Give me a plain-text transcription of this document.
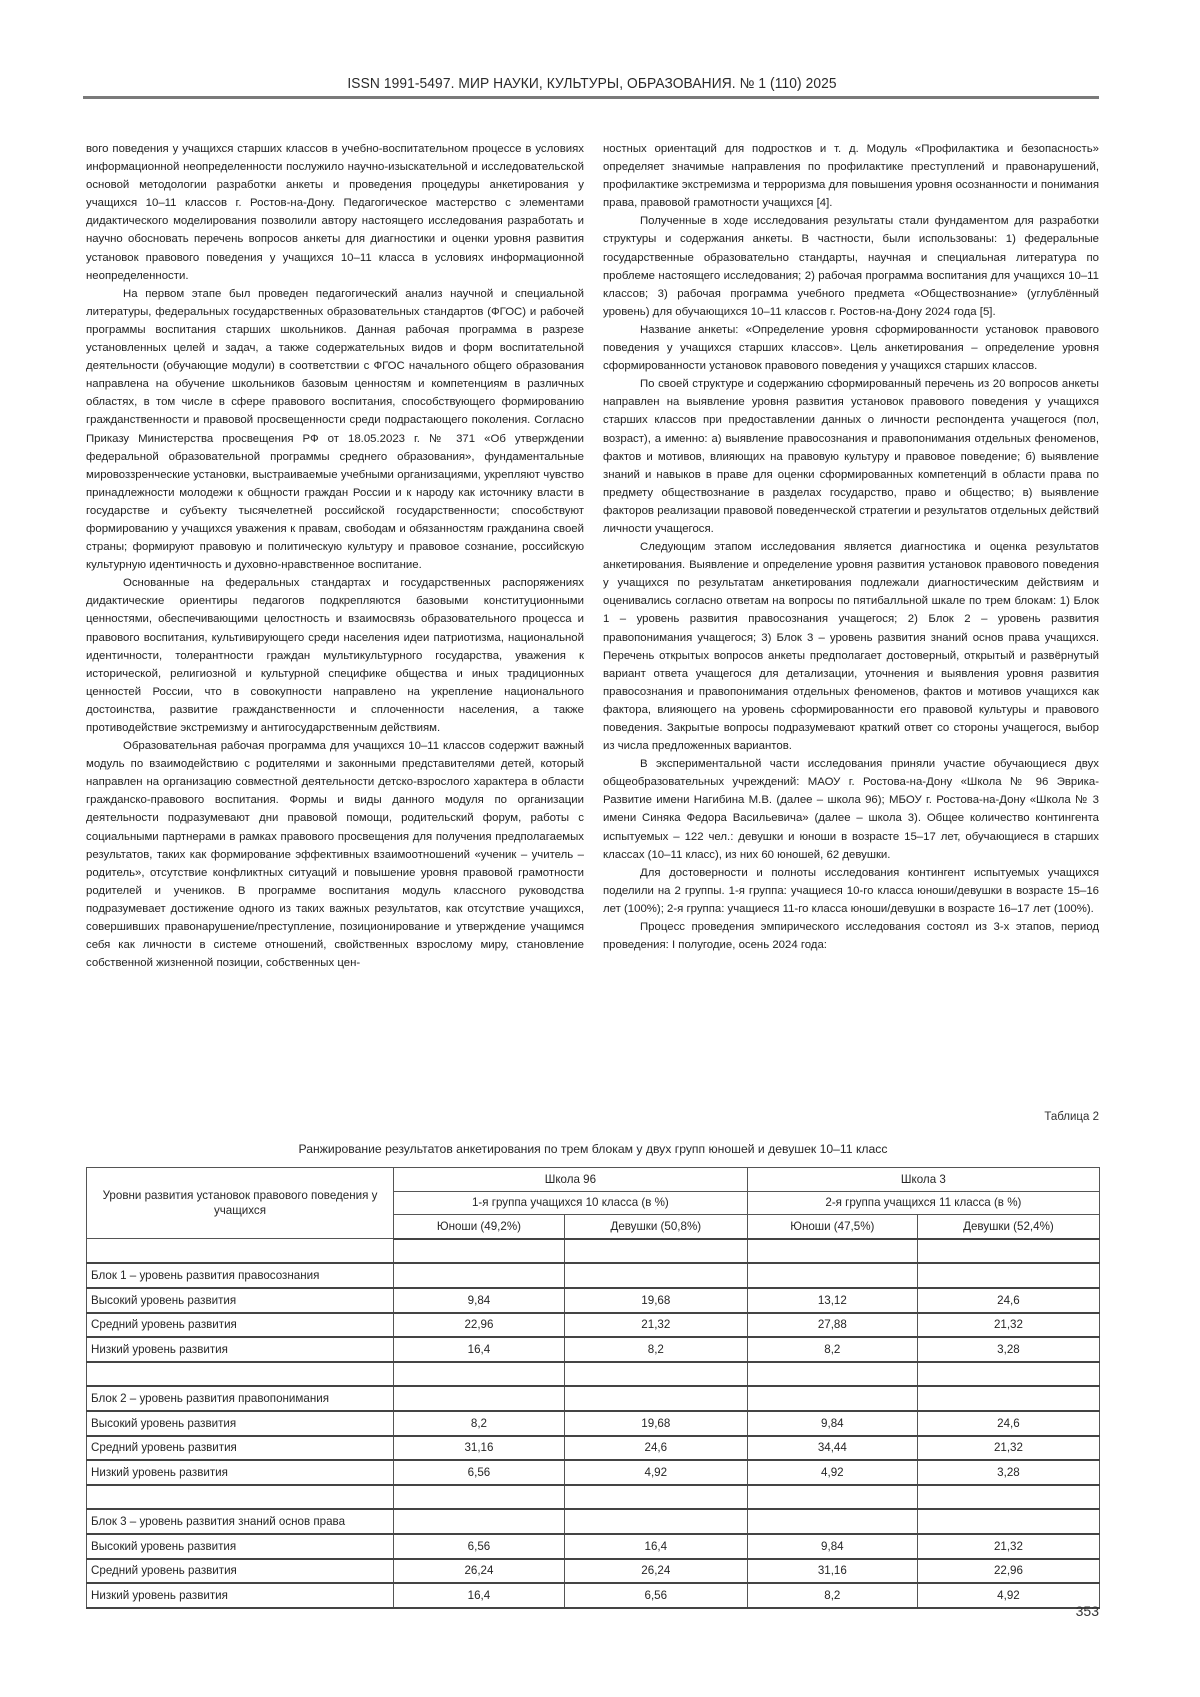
ISSN 1991-5497. МИР НАУКИ, КУЛЬТУРЫ, ОБРАЗОВАНИЯ. № 1 (110) 2025

вого поведения у учащихся старших классов в учебно-воспитательном процессе в условиях информационной неопределенности послужило научно-изыскательной и исследовательской основой методологии разработки анкеты и проведения процедуры анкетирования у учащихся 10–11 классов г. Ростов-на-Дону. Педагогическое мастерство с элементами дидактического моделирования позволили автору настоящего исследования разработать и научно обосновать перечень вопросов анкеты для диагностики и оценки уровня развития установок правового поведения у учащихся 10–11 класса в условиях информационной неопределенности.

На первом этапе был проведен педагогический анализ научной и специальной литературы, федеральных государственных образовательных стандартов (ФГОС) и рабочей программы воспитания старших школьников. Данная рабочая программа в разрезе установленных целей и задач, а также содержательных видов и форм воспитательной деятельности (обучающие модули) в соответствии с ФГОС начального общего образования направлена на обучение школьников базовым ценностям и компетенциям в различных областях, в том числе в сфере правового воспитания, способствующего формированию гражданственности и правовой просвещенности среди подрастающего поколения. Согласно Приказу Министерства просвещения РФ от 18.05.2023 г. № 371 «Об утверждении федеральной образовательной программы среднего образования», фундаментальные мировоззренческие установки, выстраиваемые учебными организациями, укрепляют чувство принадлежности молодежи к общности граждан России и к народу как источнику власти в государстве и субъекту тысячелетней российской государственности; способствуют формированию у учащихся уважения к правам, свободам и обязанностям гражданина своей страны; формируют правовую и политическую культуру и правовое сознание, российскую культурную идентичность и духовно-нравственное воспитание.

Основанные на федеральных стандартах и государственных распоряжениях дидактические ориентиры педагогов подкрепляются базовыми конституционными ценностями, обеспечивающими целостность и взаимосвязь образовательного процесса и правового воспитания, культивирующего среди населения идеи патриотизма, национальной идентичности, толерантности граждан мультикультурного государства, уважения к исторической, религиозной и культурной специфике общества и иных традиционных ценностей России, что в совокупности направлено на укрепление национального достоинства, развитие гражданственности и сплоченности населения, а также противодействие экстремизму и антигосударственным действиям.

Образовательная рабочая программа для учащихся 10–11 классов содержит важный модуль по взаимодействию с родителями и законными представителями детей, который направлен на организацию совместной деятельности детско-взрослого характера в области гражданско-правового воспитания. Формы и виды данного модуля по организации деятельности подразумевают дни правовой помощи, родительский форум, работы с социальными партнерами в рамках правового просвещения для получения предполагаемых результатов, таких как формирование эффективных взаимоотношений «ученик – учитель – родитель», отсутствие конфликтных ситуаций и повышение уровня правовой грамотности родителей и учеников. В программе воспитания модуль классного руководства подразумевает достижение одного из таких важных результатов, как отсутствие учащихся, совершивших правонарушение/преступление, позиционирование и утверждение учащимся себя как личности в системе отношений, свойственных взрослому миру, становление собственной жизненной позиции, собственных цен-

ностных ориентаций для подростков и т. д. Модуль «Профилактика и безопасность» определяет значимые направления по профилактике преступлений и правонарушений, профилактике экстремизма и терроризма для повышения уровня осознанности и понимания права, правовой грамотности учащихся [4].

Полученные в ходе исследования результаты стали фундаментом для разработки структуры и содержания анкеты. В частности, были использованы: 1) федеральные государственные образовательно стандарты, научная и специальная литература по проблеме настоящего исследования; 2) рабочая программа воспитания для учащихся 10–11 классов; 3) рабочая программа учебного предмета «Обществознание» (углублённый уровень) для обучающихся 10–11 классов г. Ростов-на-Дону 2024 года [5].

Название анкеты: «Определение уровня сформированности установок правового поведения у учащихся старших классов». Цель анкетирования – определение уровня сформированности установок правового поведения у учащихся старших классов.

По своей структуре и содержанию сформированный перечень из 20 вопросов анкеты направлен на выявление уровня развития установок правового поведения у учащихся старших классов при предоставлении данных о личности респондента учащегося (пол, возраст), а именно: а) выявление правосознания и правопонимания отдельных феноменов, фактов и мотивов, влияющих на правовую культуру и правовое поведение; б) выявление знаний и навыков в праве для оценки сформированных компетенций в области права по предмету обществознание в разделах государство, право и общество; в) выявление факторов реализации правовой поведенческой стратегии и результатов отдельных действий личности учащегося.

Следующим этапом исследования является диагностика и оценка результатов анкетирования. Выявление и определение уровня развития установок правового поведения у учащихся по результатам анкетирования подлежали диагностическим действиям и оценивались согласно ответам на вопросы по пятибалльной шкале по трем блокам: 1) Блок 1 – уровень развития правосознания учащегося; 2) Блок 2 – уровень развития правопонимания учащегося; 3) Блок 3 – уровень развития знаний основ права учащихся. Перечень открытых вопросов анкеты предполагает достоверный, открытый и развёрнутый вариант ответа учащегося для детализации, уточнения и выявления уровня развития правосознания и правопонимания отдельных феноменов, фактов и мотивов учащихся как фактора, влияющего на уровень сформированности его правовой культуры и правового поведения. Закрытые вопросы подразумевают краткий ответ со стороны учащегося, выбор из числа предложенных вариантов.

В экспериментальной части исследования приняли участие обучающиеся двух общеобразовательных учреждений: МАОУ г. Ростова-на-Дону «Школа № 96 Эврика-Развитие имени Нагибина М.В. (далее – школа 96); МБОУ г. Ростова-на-Дону «Школа № 3 имени Синяка Федора Васильевича» (далее – школа 3). Общее количество контингента испытуемых – 122 чел.: девушки и юноши в возрасте 15–17 лет, обучающиеся в старших классах (10–11 класс), из них 60 юношей, 62 девушки.

Для достоверности и полноты исследования контингент испытуемых учащихся поделили на 2 группы. 1-я группа: учащиеся 10-го класса юноши/девушки в возрасте 15–16 лет (100%); 2-я группа: учащиеся 11-го класса юноши/девушки в возрасте 16–17 лет (100%).

Процесс проведения эмпирического исследования состоял из 3-х этапов, период проведения: I полугодие, осень 2024 года:

Таблица 2
Ранжирование результатов анкетирования по трем блокам у двух групп юношей и девушек 10–11 класс
Уровни развития установок правового поведения у учащихся	Школа 96		Школа 3	
	1-я группа учащихся 10 класса (в %)		2-я группа учащихся 11 класса (в %)	
	Юноши (49,2%)	Девушки (50,8%)	Юноши (47,5%)	Девушки (52,4%)

Блок 1 – уровень развития правосознания				
Высокий уровень развития	9,84	19,68	13,12	24,6
Средний уровень развития	22,96	21,32	27,88	21,32
Низкий уровень развития	16,4	8,2	8,2	3,28

Блок 2 – уровень развития правопонимания				
Высокий уровень развития	8,2	19,68	9,84	24,6
Средний уровень развития	31,16	24,6	34,44	21,32
Низкий уровень развития	6,56	4,92	4,92	3,28

Блок 3 – уровень развития знаний основ права				
Высокий уровень развития	6,56	16,4	9,84	21,32
Средний уровень развития	26,24	26,24	31,16	22,96
Низкий уровень развития	16,4	6,56	8,2	4,92
353
